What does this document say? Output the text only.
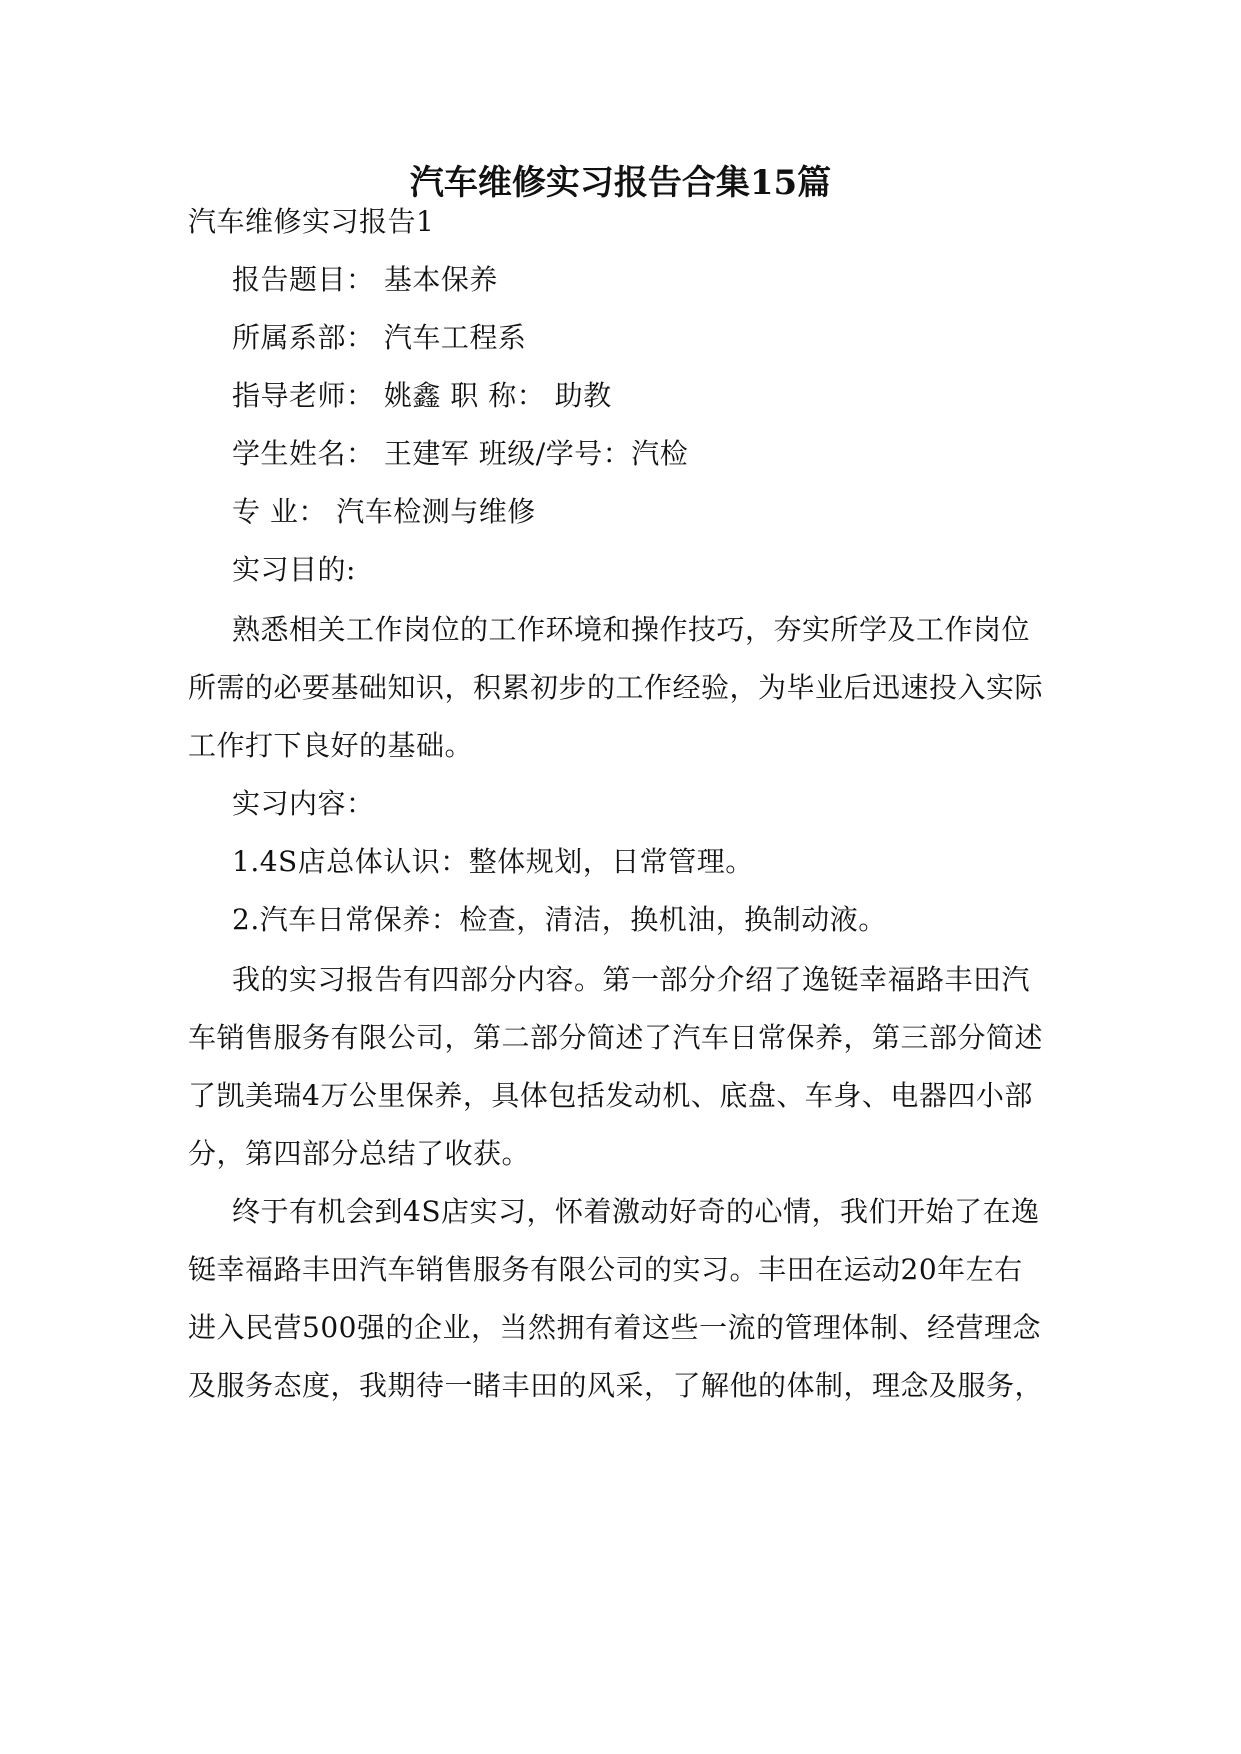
汽车维修实习报告合集15篇
汽车维修实习报告1
报告题目： 基本保养
所属系部： 汽车工程系
指导老师： 姚鑫 职 称： 助教
学生姓名： 王建军 班级/学号：汽检
专 业： 汽车检测与维修
实习目的:
熟悉相关工作岗位的工作环境和操作技巧，夯实所学及工作岗位
所需的必要基础知识，积累初步的工作经验，为毕业后迅速投入实际
工作打下良好的基础。
实习内容：
1.4S店总体认识：整体规划，日常管理。
2.汽车日常保养：检查，清洁，换机油，换制动液。
我的实习报告有四部分内容。第一部分介绍了逸铤幸福路丰田汽
车销售服务有限公司，第二部分简述了汽车日常保养，第三部分简述
了凯美瑞4万公里保养，具体包括发动机、底盘、车身、电器四小部
分，第四部分总结了收获。
终于有机会到4S店实习，怀着激动好奇的心情，我们开始了在逸
铤幸福路丰田汽车销售服务有限公司的实习。丰田在运动20年左右
进入民营500强的企业，当然拥有着这些一流的管理体制、经营理念
及服务态度，我期待一睹丰田的风采，了解他的体制，理念及服务，
